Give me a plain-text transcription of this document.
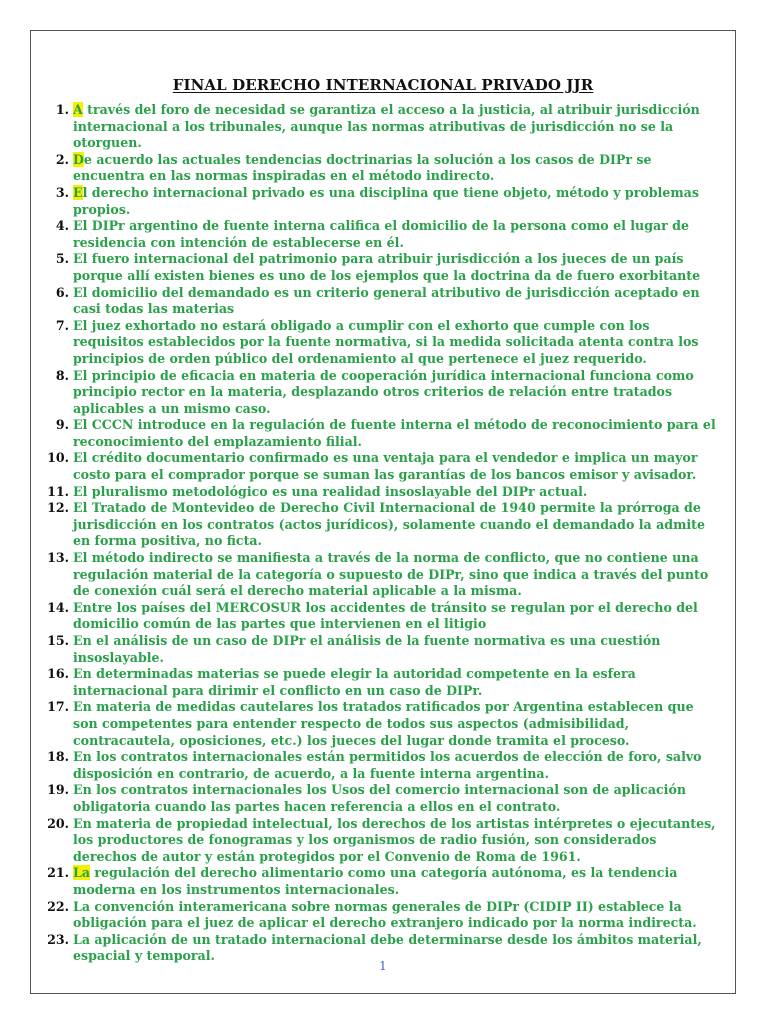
FINAL DERECHO INTERNACIONAL PRIVADO JJR
1. A través del foro de necesidad se garantiza el acceso a la justicia, al atribuir jurisdicción internacional a los tribunales, aunque las normas atributivas de jurisdicción no se la otorguen.
2. De acuerdo las actuales tendencias doctrinarias la solución a los casos de DIPr se encuentra en las normas inspiradas en el método indirecto.
3. El derecho internacional privado es una disciplina que tiene objeto, método y problemas propios.
4. El DIPr argentino de fuente interna califica el domicilio de la persona como el lugar de residencia con intención de establecerse en él.
5. El fuero internacional del patrimonio para atribuir jurisdicción a los jueces de un país porque allí existen bienes es uno de los ejemplos que la doctrina da de fuero exorbitante
6. El domicilio del demandado es un criterio general atributivo de jurisdicción aceptado en casi todas las materias
7. El juez exhortado no estará obligado a cumplir con el exhorto que cumple con los requisitos establecidos por la fuente normativa, si la medida solicitada atenta contra los principios de orden público del ordenamiento al que pertenece el juez requerido.
8. El principio de eficacia en materia de cooperación jurídica internacional funciona como principio rector en la materia, desplazando otros criterios de relación entre tratados aplicables a un mismo caso.
9. El CCCN introduce en la regulación de fuente interna el método de reconocimiento para el reconocimiento del emplazamiento filial.
10. El crédito documentario confirmado es una ventaja para el vendedor e implica un mayor costo para el comprador porque se suman las garantías de los bancos emisor y avisador.
11. El pluralismo metodológico es una realidad insoslayable del DIPr actual.
12. El Tratado de Montevideo de Derecho Civil Internacional de 1940 permite la prórroga de jurisdicción en los contratos (actos jurídicos), solamente cuando el demandado la admite en forma positiva, no ficta.
13. El método indirecto se manifiesta a través de la norma de conflicto, que no contiene una regulación material de la categoría o supuesto de DIPr, sino que indica a través del punto de conexión cuál será el derecho material aplicable a la misma.
14. Entre los países del MERCOSUR los accidentes de tránsito se regulan por el derecho del domicilio común de las partes que intervienen en el litigio
15. En el análisis de un caso de DIPr el análisis de la fuente normativa es una cuestión insoslayable.
16. En determinadas materias se puede elegir la autoridad competente en la esfera internacional para dirimir el conflicto en un caso de DIPr.
17. En materia de medidas cautelares los tratados ratificados por Argentina establecen que son competentes para entender respecto de todos sus aspectos (admisibilidad, contracautela, oposiciones, etc.) los jueces del lugar donde tramita el proceso.
18. En los contratos internacionales están permitidos los acuerdos de elección de foro, salvo disposición en contrario, de acuerdo, a la fuente interna argentina.
19. En los contratos internacionales los Usos del comercio internacional son de aplicación obligatoria cuando las partes hacen referencia a ellos en el contrato.
20. En materia de propiedad intelectual, los derechos de los artistas intérpretes o ejecutantes, los productores de fonogramas y los organismos de radio fusión, son considerados derechos de autor y están protegidos por el Convenio de Roma de 1961.
21. La regulación del derecho alimentario como una categoría autónoma, es la tendencia moderna en los instrumentos internacionales.
22. La convención interamericana sobre normas generales de DIPr (CIDIP II) establece la obligación para el juez de aplicar el derecho extranjero indicado por la norma indirecta.
23. La aplicación de un tratado internacional debe determinarse desde los ámbitos material, espacial y temporal.
1
